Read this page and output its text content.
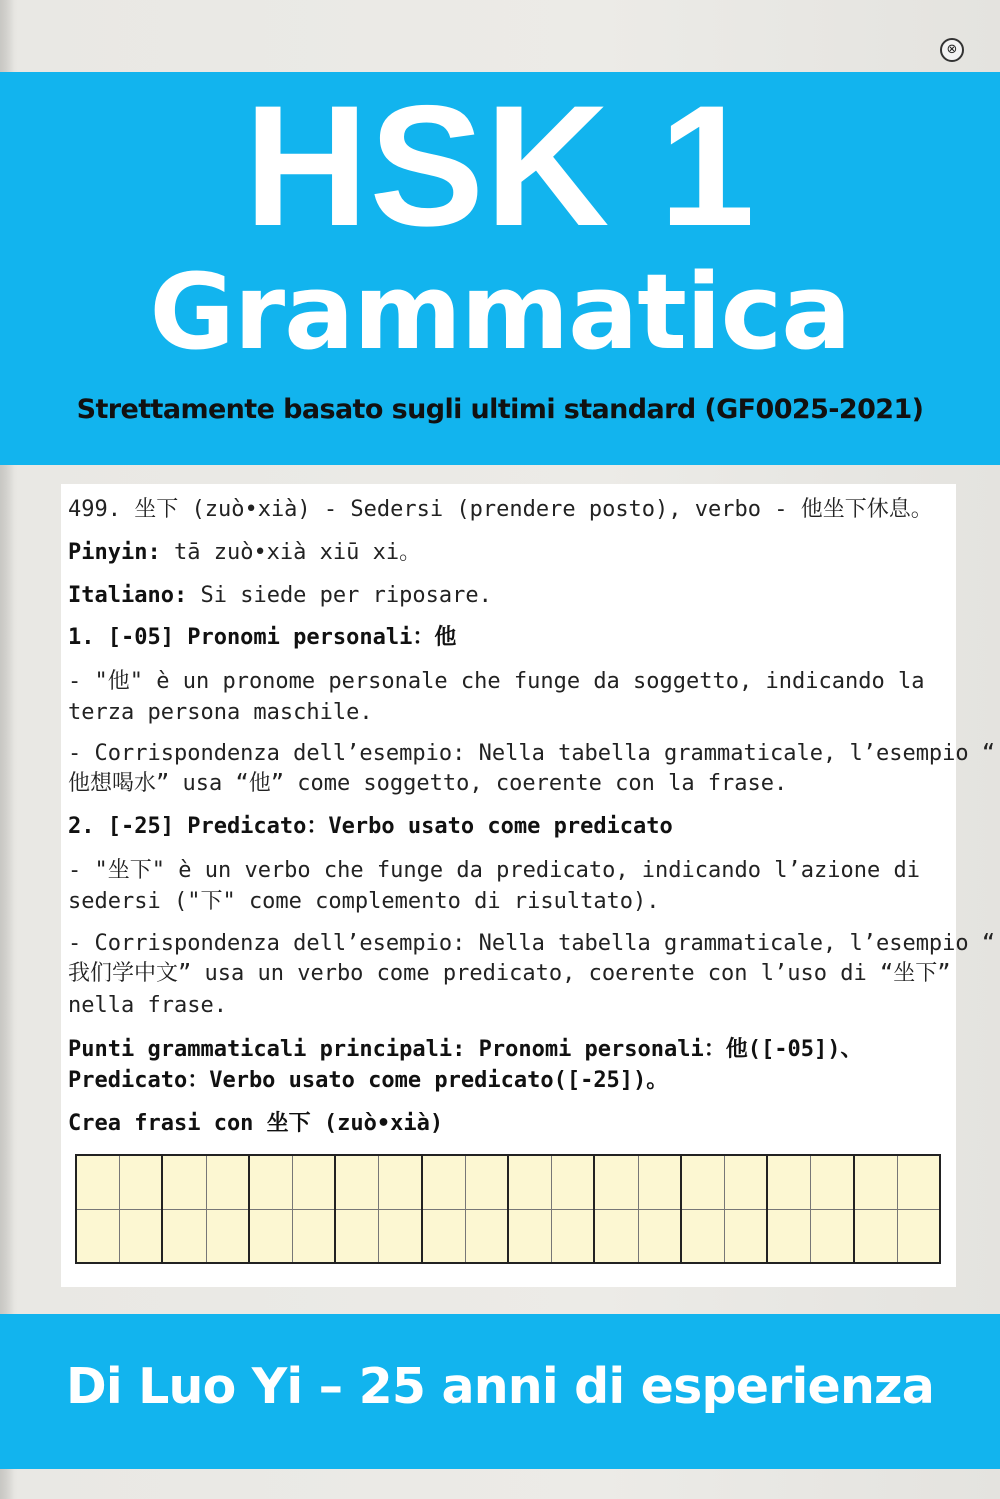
⊗
HSK 1
Grammatica
Strettamente basato sugli ultimi standard (GF0025-2021)
499. 坐下 (zuò•xià) - Sedersi (prendere posto), verbo - 他坐下休息。
Pinyin: tā zuò•xià xiū xi。
Italiano: Si siede per riposare.
1. [-05] Pronomi personali：他
- "他" è un pronome personale che funge da soggetto, indicando la
terza persona maschile.
- Corrispondenza dell’esempio: Nella tabella grammaticale, l’esempio “
他想喝水” usa “他” come soggetto, coerente con la frase.
2. [-25] Predicato：Verbo usato come predicato
- "坐下" è un verbo che funge da predicato, indicando l’azione di
sedersi ("下" come complemento di risultato).
- Corrispondenza dell’esempio: Nella tabella grammaticale, l’esempio “
我们学中文” usa un verbo come predicato, coerente con l’uso di “坐下”
nella frase.
Punti grammaticali principali: Pronomi personali：他([-05])、
Predicato：Verbo usato come predicato([-25])。
Crea frasi con 坐下 (zuò•xià)
Di Luo Yi – 25 anni di esperienza
